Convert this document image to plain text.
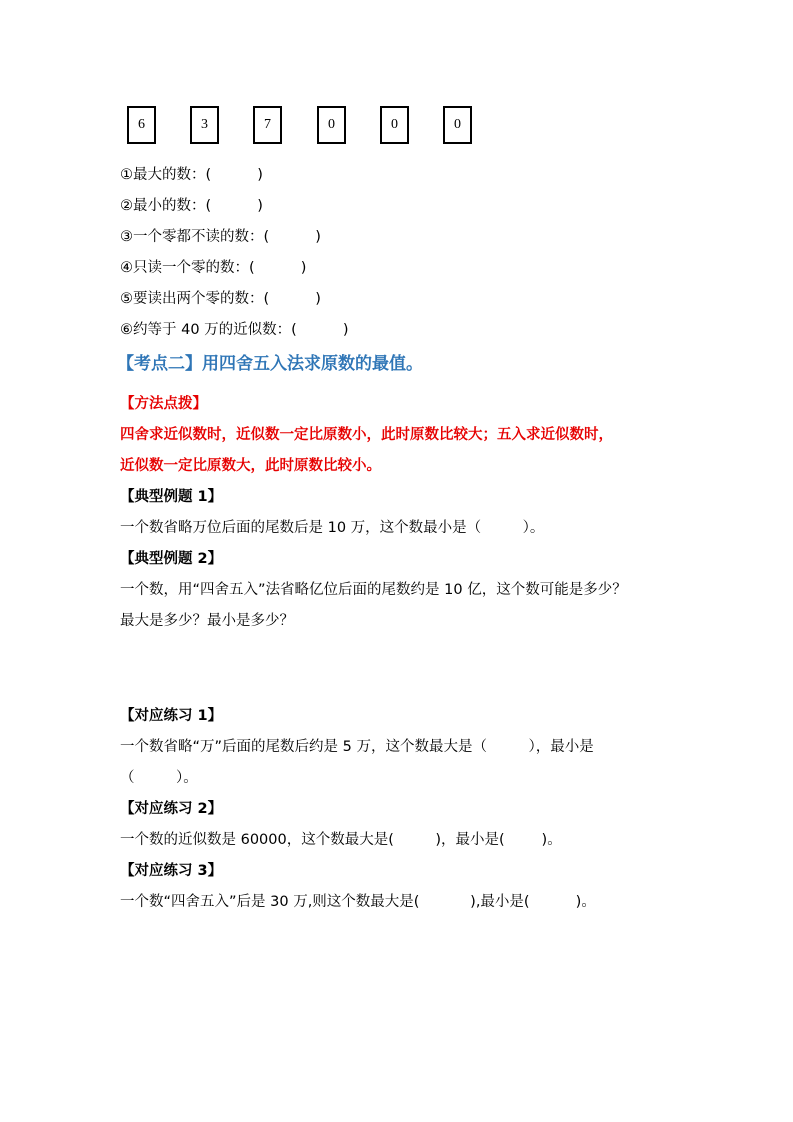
6	3	7	0	0	0
①最大的数：(          )
②最小的数：(          )
③一个零都不读的数：(          )
④只读一个零的数：(          )
⑤要读出两个零的数：(          )
⑥约等于 40 万的近似数：(          )
【考点二】用四舍五入法求原数的最值。
【方法点拨】
四舍求近似数时，近似数一定比原数小，此时原数比较大；五入求近似数时，
近似数一定比原数大，此时原数比较小。
【典型例题 1】
一个数省略万位后面的尾数后是 10 万，这个数最小是（         ）。
【典型例题 2】
一个数，用“四舍五入”法省略亿位后面的尾数约是 10 亿，这个数可能是多少？
最大是多少？最小是多少？
【对应练习 1】
一个数省略“万”后面的尾数后约是 5 万，这个数最大是（         ），最小是
（         ）。
【对应练习 2】
一个数的近似数是 60000，这个数最大是(         )，最小是(        )。
【对应练习 3】
一个数“四舍五入”后是 30 万,则这个数最大是(           ),最小是(          )。
